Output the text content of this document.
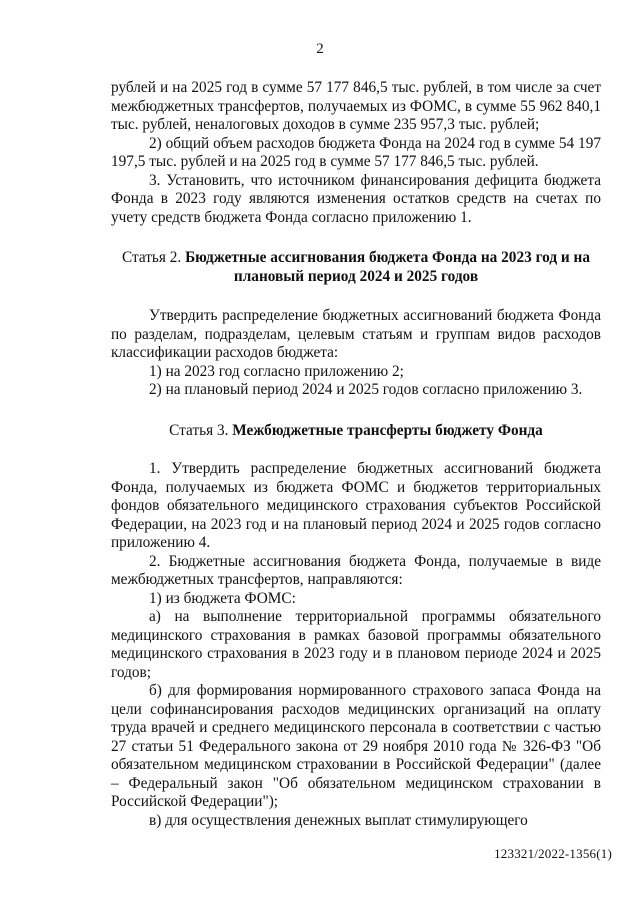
2

рублей и на 2025 год в сумме 57 177 846,5 тыс. рублей, в том числе за счет межбюджетных трансфертов, получаемых из ФОМС, в сумме 55 962 840,1 тыс. рублей, неналоговых доходов в сумме 235 957,3 тыс. рублей;

2) общий объем расходов бюджета Фонда на 2024 год в сумме 54 197 197,5 тыс. рублей и на 2025 год в сумме 57 177 846,5 тыс. рублей.

3. Установить, что источником финансирования дефицита бюджета Фонда в 2023 году являются изменения остатков средств на счетах по учету средств бюджета Фонда согласно приложению 1.

Статья 2. Бюджетные ассигнования бюджета Фонда на 2023 год и на плановый период 2024 и 2025 годов

Утвердить распределение бюджетных ассигнований бюджета Фонда по разделам, подразделам, целевым статьям и группам видов расходов классификации расходов бюджета:

1) на 2023 год согласно приложению 2;

2) на плановый период 2024 и 2025 годов согласно приложению 3.

Статья 3. Межбюджетные трансферты бюджету Фонда

1. Утвердить распределение бюджетных ассигнований бюджета Фонда, получаемых из бюджета ФОМС и бюджетов территориальных фондов обязательного медицинского страхования субъектов Российской Федерации, на 2023 год и на плановый период 2024 и 2025 годов согласно приложению 4.

2. Бюджетные ассигнования бюджета Фонда, получаемые в виде межбюджетных трансфертов, направляются:

1) из бюджета ФОМС:

а) на выполнение территориальной программы обязательного медицинского страхования в рамках базовой программы обязательного медицинского страхования в 2023 году и в плановом периоде 2024 и 2025 годов;

б) для формирования нормированного страхового запаса Фонда на цели софинансирования расходов медицинских организаций на оплату труда врачей и среднего медицинского персонала в соответствии с частью 27 статьи 51 Федерального закона от 29 ноября 2010 года № 326-ФЗ "Об обязательном медицинском страховании в Российской Федерации" (далее – Федеральный закон "Об обязательном медицинском страховании в Российской Федерации");

в) для осуществления денежных выплат стимулирующего

123321/2022-1356(1)
